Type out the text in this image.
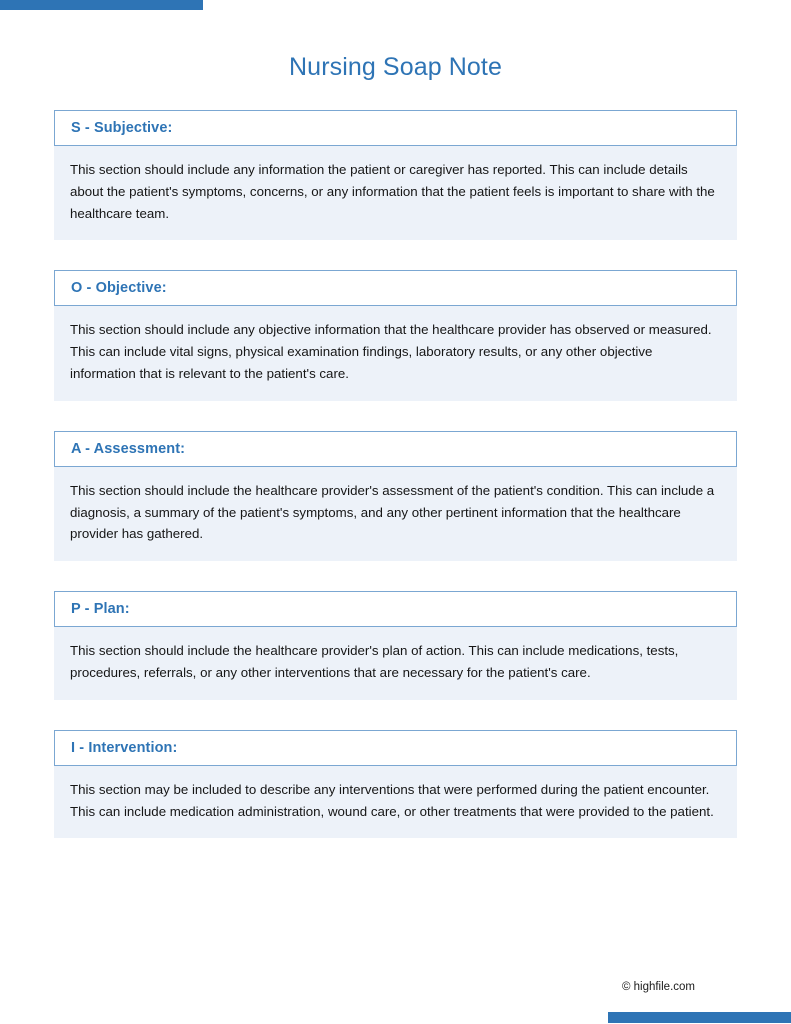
Nursing Soap Note
S - Subjective:

This section should include any information the patient or caregiver has reported. This can include details about the patient's symptoms, concerns, or any information that the patient feels is important to share with the healthcare team.

O - Objective:

This section should include any objective information that the healthcare provider has observed or measured. This can include vital signs, physical examination findings, laboratory results, or any other objective information that is relevant to the patient's care.

A - Assessment:

This section should include the healthcare provider's assessment of the patient's condition. This can include a diagnosis, a summary of the patient's symptoms, and any other pertinent information that the healthcare provider has gathered.

P - Plan:

This section should include the healthcare provider's plan of action. This can include medications, tests, procedures, referrals, or any other interventions that are necessary for the patient's care.

I - Intervention:

This section may be included to describe any interventions that were performed during the patient encounter. This can include medication administration, wound care, or other treatments that were provided to the patient.

© highfile.com
